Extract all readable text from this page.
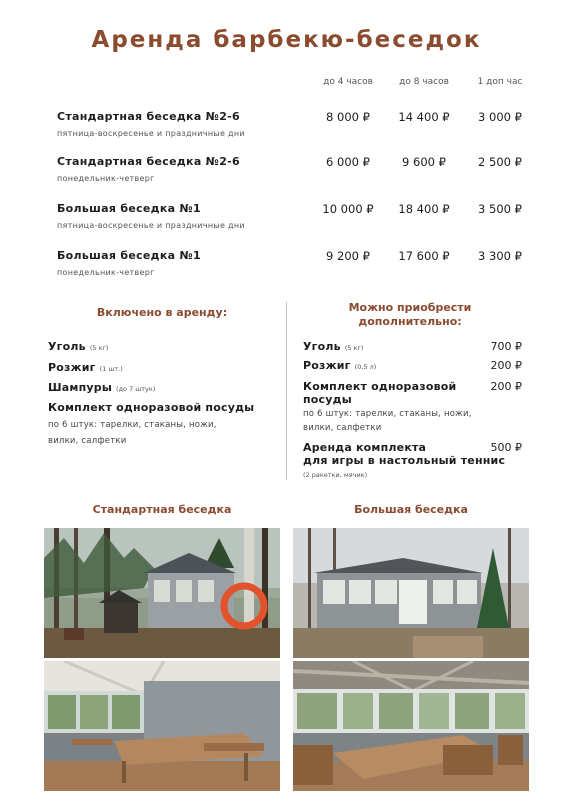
Аренда барбекю-беседок
до 4 часов	до 8 часов	1 доп час
Стандартная беседка №2-6
пятница-воскресенье и праздничные дни
8 000 ₽	14 400 ₽	3 000 ₽
Стандартная беседка №2-6
понедельник-четверг
6 000 ₽	9 600 ₽	2 500 ₽
Большая беседка №1
пятница-воскресенье и праздничные дни
10 000 ₽	18 400 ₽	3 500 ₽
Большая беседка №1
понедельник-четверг
9 200 ₽	17 600 ₽	3 300 ₽
Включено в аренду:
Уголь (5 кг)
Розжиг (1 шт.)
Шампуры (до 7 штук)
Комплект одноразовой посуды
по 6 штук: тарелки, стаканы, ножи,
вилки, салфетки
Можно приобрести
дополнительно:
Уголь (5 кг)	700 ₽
Розжиг (0,5 л)	200 ₽
Комплект одноразовой
посуды
200 ₽
по 6 штук: тарелки, стаканы, ножи,
вилки, салфетки
Аренда комплекта
для игры в настольный теннис
500 ₽
(2 ракетки, мячик)
Стандартная беседка	Большая беседка
